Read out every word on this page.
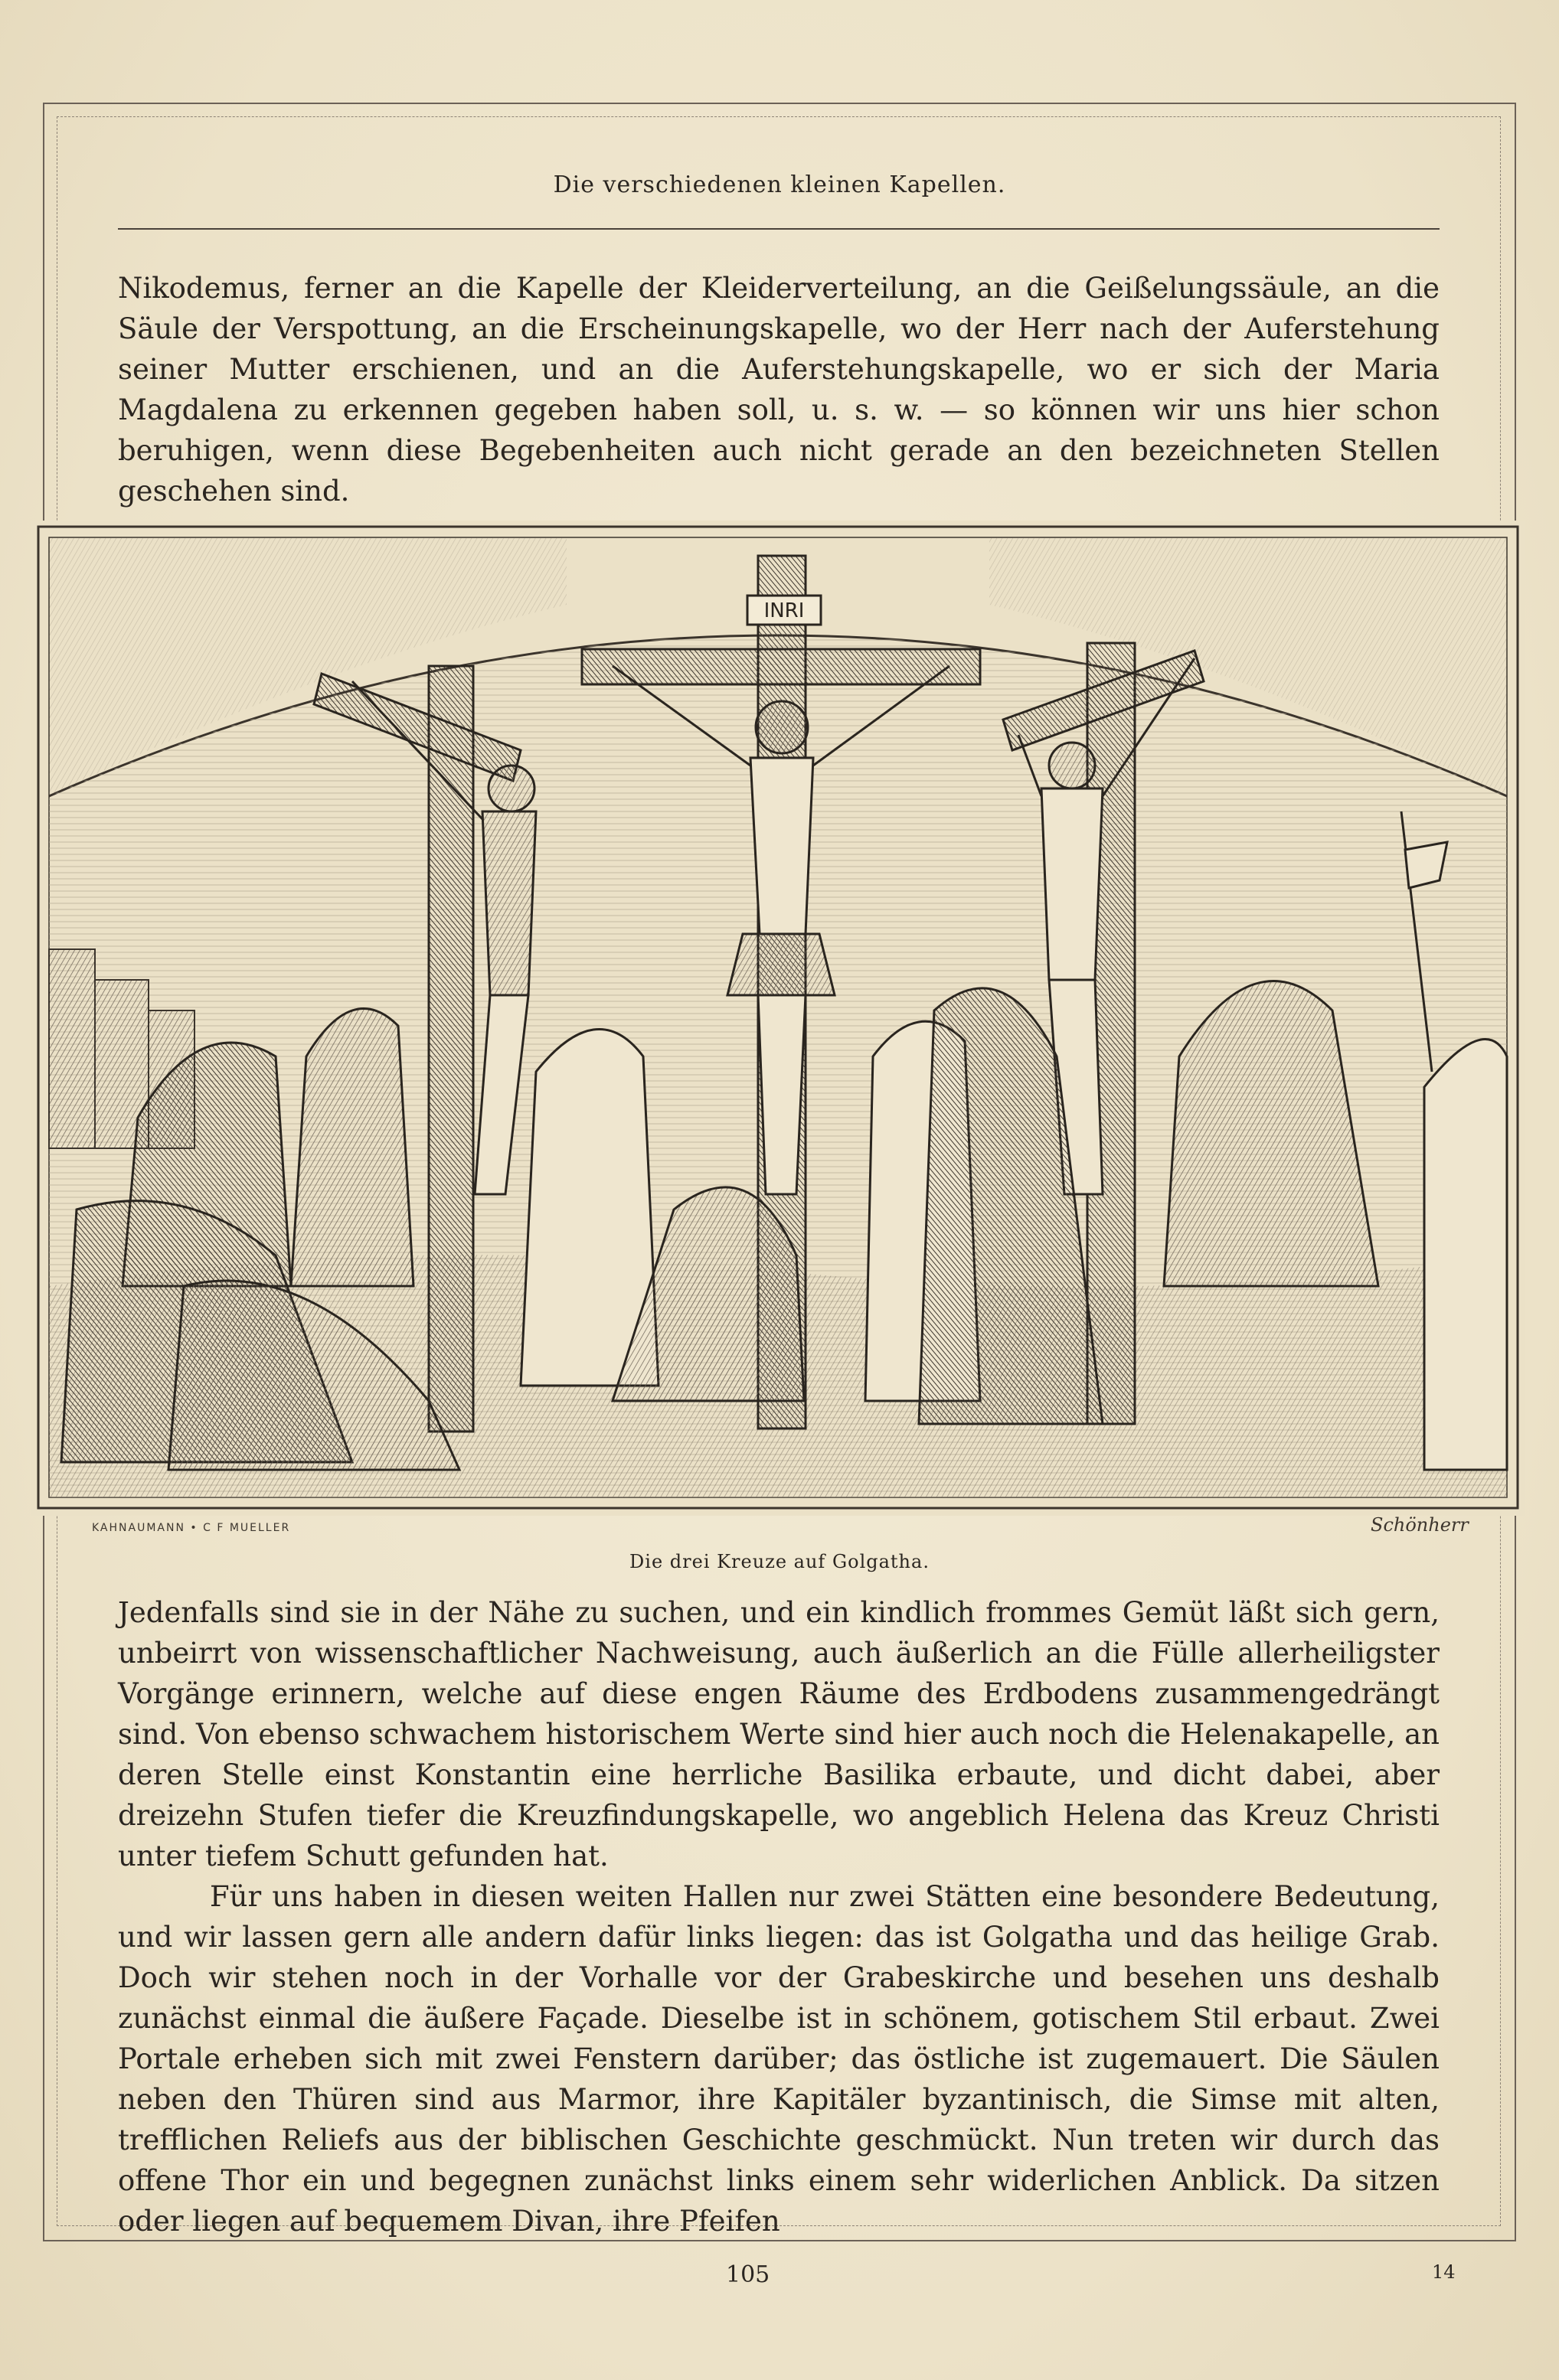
Die verschiedenen kleinen Kapellen.

Nikodemus, ferner an die Kapelle der Kleiderverteilung, an die Geißelungssäule, an die Säule der Verspottung, an die Erscheinungskapelle, wo der Herr nach der Auferstehung seiner Mutter erschienen, und an die Auferstehungskapelle, wo er sich der Maria Magdalena zu erkennen gegeben haben soll, u. s. w. — so können wir uns hier schon beruhigen, wenn diese Begebenheiten auch nicht gerade an den bezeichneten Stellen geschehen sind.

INRI
KAHNAUMANN • C F MUELLER	Schönherr
Die drei Kreuze auf Golgatha.

Jedenfalls sind sie in der Nähe zu suchen, und ein kindlich frommes Gemüt läßt sich gern, unbeirrt von wissenschaftlicher Nachweisung, auch äußerlich an die Fülle allerheiligster Vorgänge erinnern, welche auf diese engen Räume des Erdbodens zusammengedrängt sind. Von ebenso schwachem historischem Werte sind hier auch noch die Helenakapelle, an deren Stelle einst Konstantin eine herrliche Basilika erbaute, und dicht dabei, aber dreizehn Stufen tiefer die Kreuzfindungskapelle, wo angeblich Helena das Kreuz Christi unter tiefem Schutt gefunden hat.

Für uns haben in diesen weiten Hallen nur zwei Stätten eine besondere Bedeutung, und wir lassen gern alle andern dafür links liegen: das ist Golgatha und das heilige Grab. Doch wir stehen noch in der Vorhalle vor der Grabeskirche und besehen uns deshalb zunächst einmal die äußere Façade. Dieselbe ist in schönem, gotischem Stil erbaut. Zwei Portale erheben sich mit zwei Fenstern darüber; das östliche ist zugemauert. Die Säulen neben den Thüren sind aus Marmor, ihre Kapitäler byzantinisch, die Simse mit alten, trefflichen Reliefs aus der biblischen Geschichte geschmückt. Nun treten wir durch das offene Thor ein und begegnen zunächst links einem sehr widerlichen Anblick. Da sitzen oder liegen auf bequemem Divan, ihre Pfeifen

105	14
